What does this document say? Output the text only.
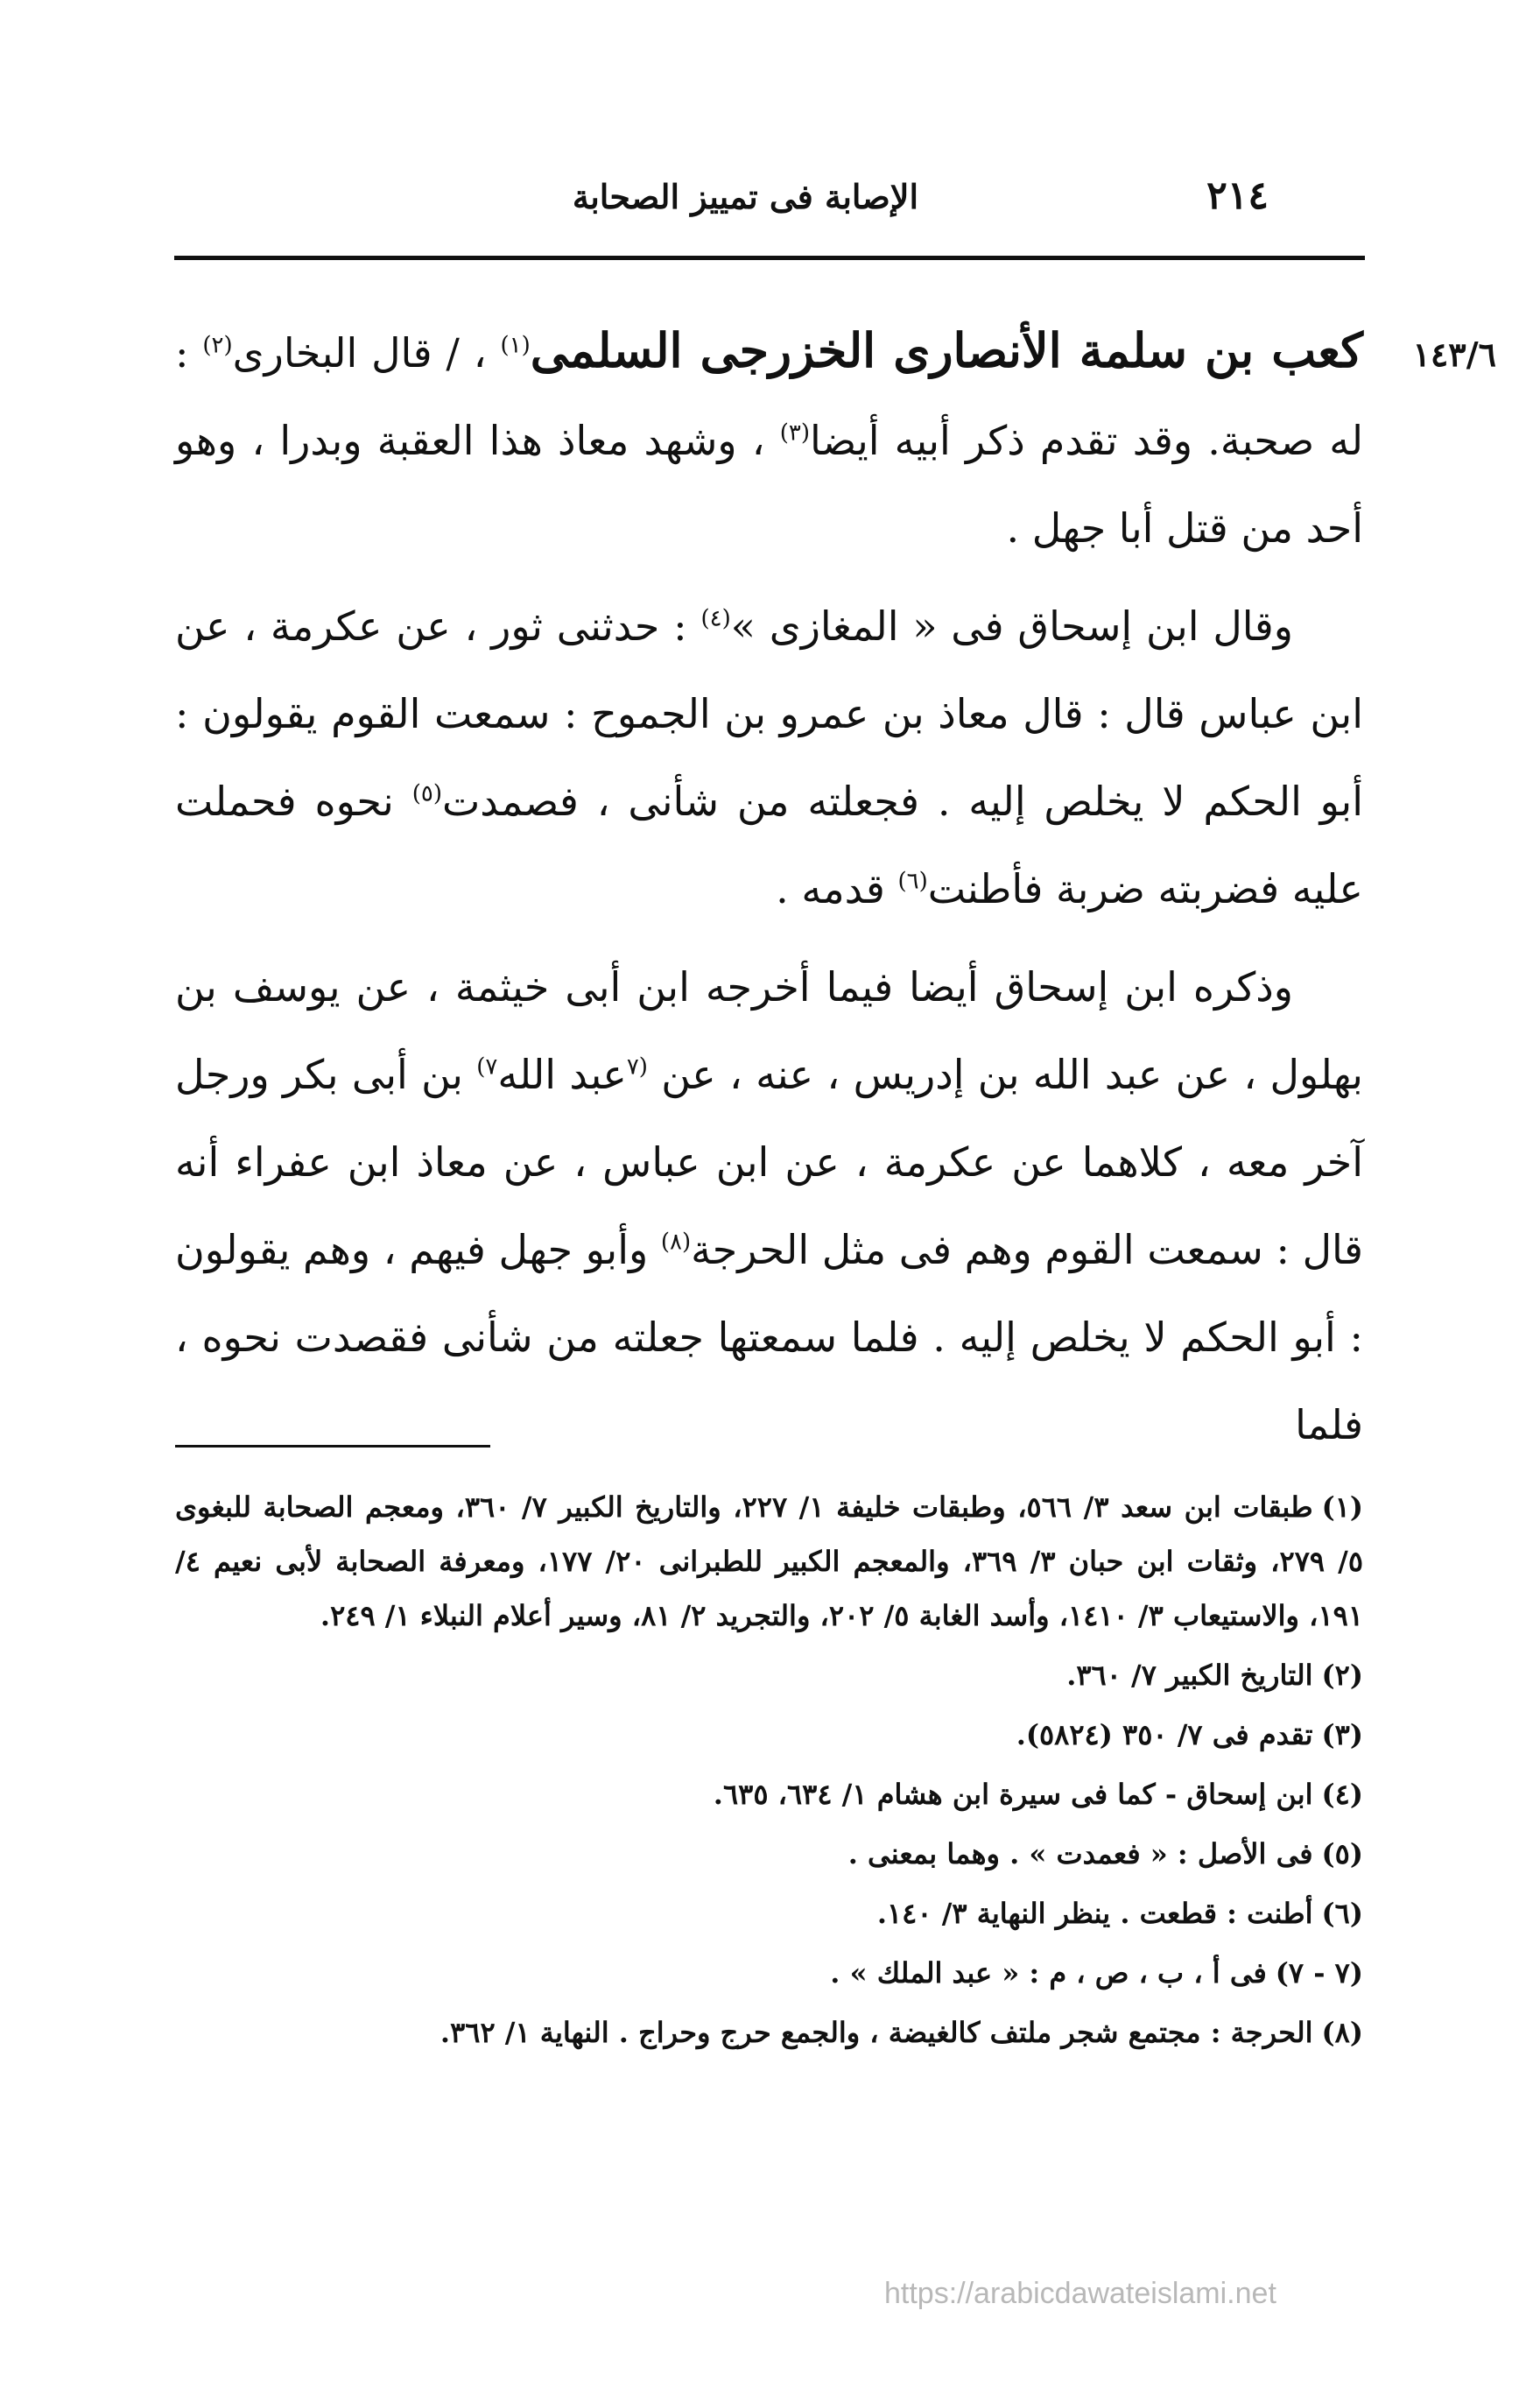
٢١٤
الإصابة فى تمييز الصحابة
١٤٣/٦

كعب بن سلمة الأنصارى الخزرجى السلمى$^{(١)}$ ، / قال البخارى$^{(٢)}$ : له صحبة. وقد تقدم ذكر أبيه أيضا$^{(٣)}$ ، وشهد معاذ هذا العقبة وبدرا ، وهو أحد من قتل أبا جهل .

وقال ابن إسحاق فى « المغازى »$^{(٤)}$ : حدثنى ثور ، عن عكرمة ، عن ابن عباس قال : قال معاذ بن عمرو بن الجموح : سمعت القوم يقولون : أبو الحكم لا يخلص إليه . فجعلته من شأنى ، فصمدت$^{(٥)}$ نحوه فحملت عليه فضربته ضربة فأطنت$^{(٦)}$ قدمه .

وذكره ابن إسحاق أيضا فيما أخرجه ابن أبى خيثمة ، عن يوسف بن بهلول ، عن عبد الله بن إدريس ، عنه ، عن $^{(٧}$عبد الله$^{٧)}$ بن أبى بكر ورجل آخر معه ، كلاهما عن عكرمة ، عن ابن عباس ، عن معاذ ابن عفراء أنه قال : سمعت القوم وهم فى مثل الحرجة$^{(٨)}$ وأبو جهل فيهم ، وهم يقولون : أبو الحكم لا يخلص إليه . فلما سمعتها جعلته من شأنى فقصدت نحوه ، فلما

(١)طبقات ابن سعد ٣/ ٥٦٦، وطبقات خليفة ١/ ٢٢٧، والتاريخ الكبير ٧/ ٣٦٠، ومعجم الصحابة للبغوى ٥/ ٢٧٩، وثقات ابن حبان ٣/ ٣٦٩، والمعجم الكبير للطبرانى ٢٠/ ١٧٧، ومعرفة الصحابة لأبى نعيم ٤/ ١٩١، والاستيعاب ٣/ ١٤١٠، وأسد الغابة ٥/ ٢٠٢، والتجريد ٢/ ٨١، وسير أعلام النبلاء ١/ ٢٤٩.

(٢)التاريخ الكبير ٧/ ٣٦٠.

(٣)تقدم فى ٧/ ٣٥٠ (٥٨٢٤).

(٤)ابن إسحاق - كما فى سيرة ابن هشام ١/ ٦٣٤، ٦٣٥.

(٥)فى الأصل : « فعمدت » . وهما بمعنى .

(٦)أطنت : قطعت . ينظر النهاية ٣/ ١٤٠.

(٧ - ٧)فى أ ، ب ، ص ، م : « عبد الملك » .

(٨)الحرجة : مجتمع شجر ملتف كالغيضة ، والجمع حرج وحراج . النهاية ١/ ٣٦٢.

https://arabicdawateislami.net
